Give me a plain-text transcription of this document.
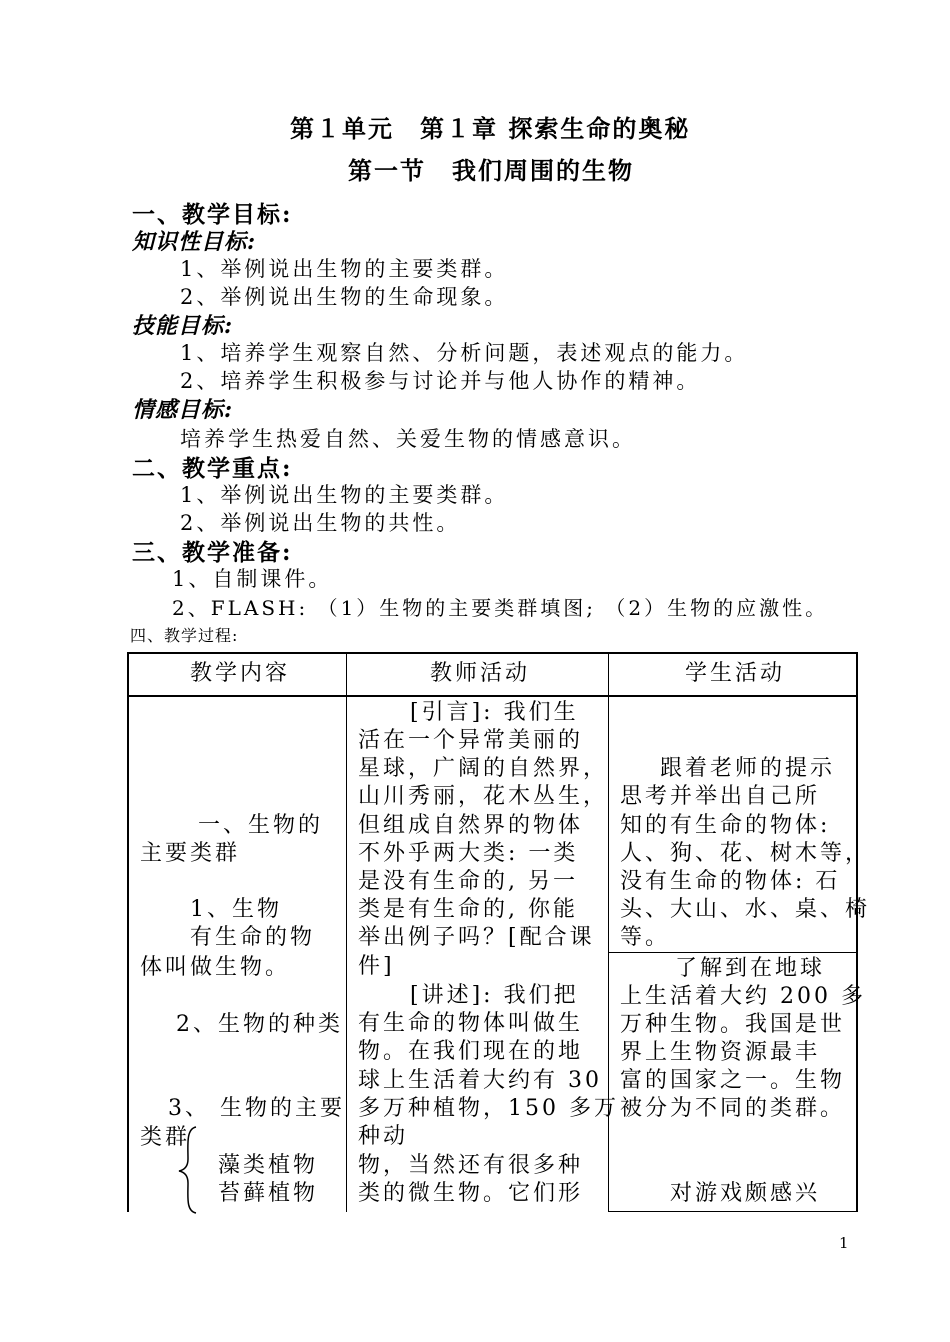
第１单元　第１章 探索生命的奥秘
第一节　我们周围的生物
一、教学目标:
知识性目标:
1、举例说出生物的主要类群。
2、举例说出生物的生命现象。
技能目标:
1、培养学生观察自然、分析问题，表述观点的能力。
2、培养学生积极参与讨论并与他人协作的精神。
情感目标:
培养学生热爱自然、关爱生物的情感意识。
二、教学重点:
1、举例说出生物的主要类群。
2、举例说出生物的共性。
三、教学准备:
1、自制课件。
2、FLASH: （1）生物的主要类群填图; （2）生物的应激性。
四、教学过程:
教学内容	教师活动	学生活动
一、生物的
主要类群
1、生物
有生命的物
体叫做生物。
2、生物的种类
3、 生物的主要
类群
藻类植物
苔藓植物
[引言]: 我们生
活在一个异常美丽的
星球，广阔的自然界，
山川秀丽，花木丛生，
但组成自然界的物体
不外乎两大类: 一类
是没有生命的, 另一
类是有生命的, 你能
举出例子吗？[配合课
件]
[讲述]: 我们把
有生命的物体叫做生
物。在我们现在的地
球上生活着大约有 30
多万种植物，150 多万
种动
物，当然还有很多种
类的微生物。它们形
跟着老师的提示
思考并举出自己所
知的有生命的物体:
人、狗、花、树木等，
没有生命的物体: 石
头、大山、水、桌、椅
等。
了解到在地球
上生活着大约 200 多
万种生物。我国是世
界上生物资源最丰
富的国家之一。生物
被分为不同的类群。
对游戏颇感兴
1
